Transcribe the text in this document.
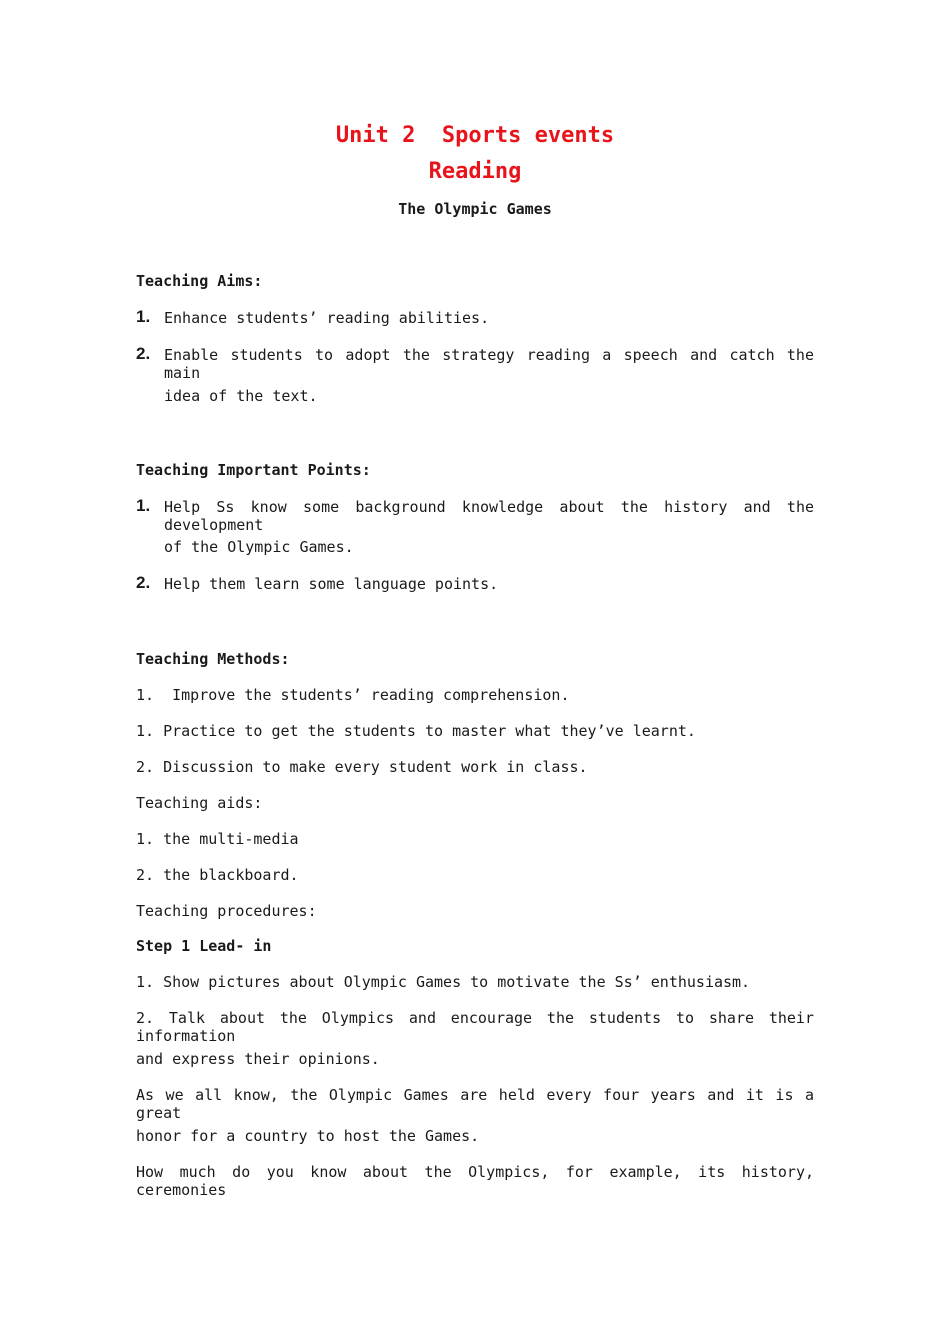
Unit 2  Sports events
Reading
The Olympic Games
Teaching Aims:
1. Enhance students’ reading abilities.
2. Enable students to adopt the strategy reading a speech and catch the main
idea of the text.
Teaching Important Points:
1. Help Ss know some background knowledge about the history and the development
of the Olympic Games.
2. Help them learn some language points.
Teaching Methods:
1.  Improve the students’ reading comprehension.
1. Practice to get the students to master what they’ve learnt.
2. Discussion to make every student work in class.
Teaching aids:
1. the multi-media
2. the blackboard.
Teaching procedures:
Step 1 Lead- in
1. Show pictures about Olympic Games to motivate the Ss’ enthusiasm.
2. Talk about the Olympics and encourage the students to share their information
and express their opinions.
As we all know, the Olympic Games are held every four years and it is a great
honor for a country to host the Games.
How much do you know about the Olympics, for example, its history, ceremonies
